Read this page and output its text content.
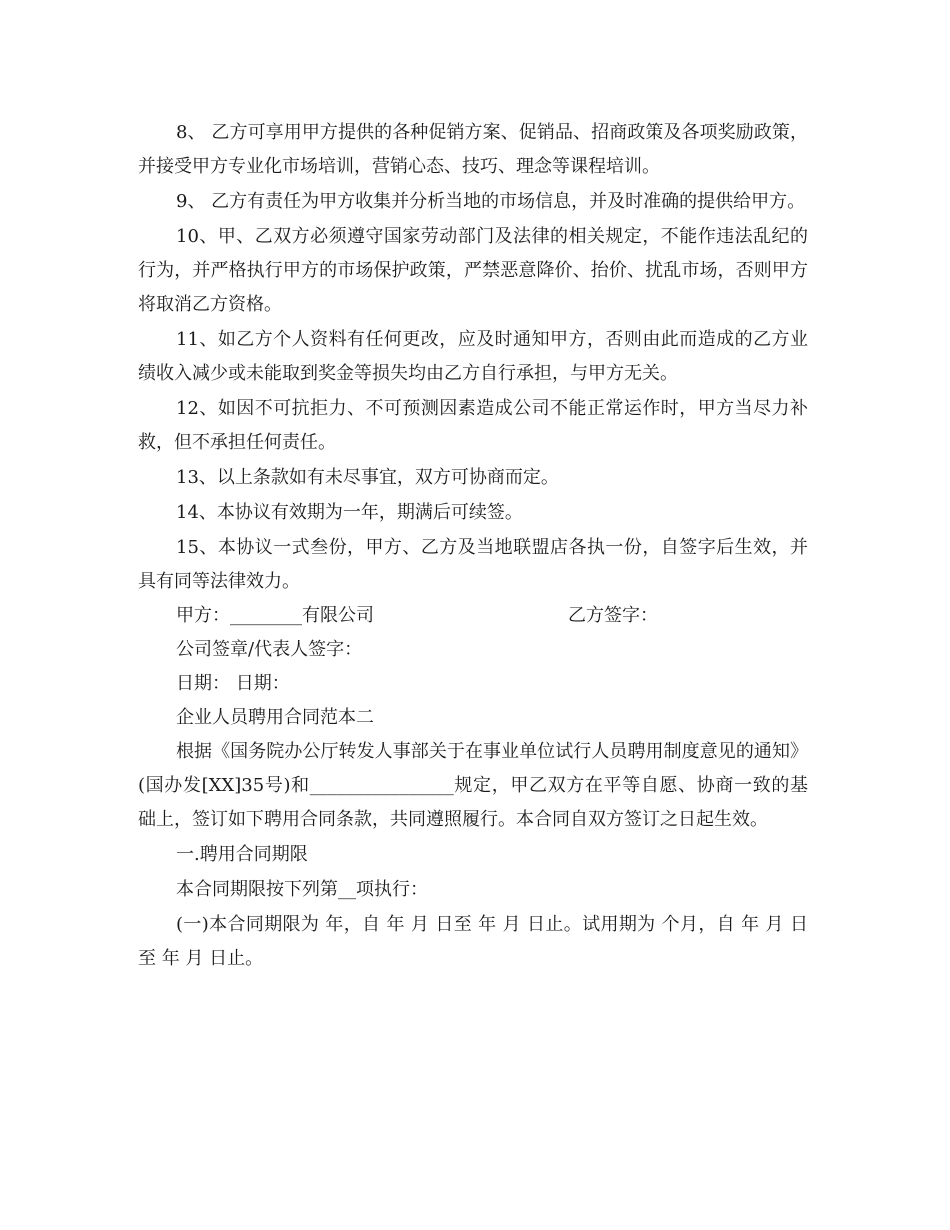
8、 乙方可享用甲方提供的各种促销方案、促销品、招商政策及各项奖励政策，并接受甲方专业化市场培训，营销心态、技巧、理念等课程培训。

9、 乙方有责任为甲方收集并分析当地的市场信息，并及时准确的提供给甲方。

10、甲、乙双方必须遵守国家劳动部门及法律的相关规定，不能作违法乱纪的行为，并严格执行甲方的市场保护政策，严禁恶意降价、抬价、扰乱市场，否则甲方将取消乙方资格。

11、如乙方个人资料有任何更改，应及时通知甲方，否则由此而造成的乙方业绩收入减少或未能取到奖金等损失均由乙方自行承担，与甲方无关。

12、如因不可抗拒力、不可预测因素造成公司不能正常运作时，甲方当尽力补救，但不承担任何责任。

13、以上条款如有未尽事宜，双方可协商而定。

14、本协议有效期为一年，期满后可续签。

15、本协议一式叁份，甲方、乙方及当地联盟店各执一份，自签字后生效，并具有同等法律效力。

甲方：________有限公司	乙方签字：
公司签章/代表人签字：
日期： 日期：

企业人员聘用合同范本二

根据《国务院办公厅转发人事部关于在事业单位试行人员聘用制度意见的通知》(国办发[XX]35号)和________________规定，甲乙双方在平等自愿、协商一致的基础上，签订如下聘用合同条款，共同遵照履行。本合同自双方签订之日起生效。

一.聘用合同期限

本合同期限按下列第__项执行：

(一)本合同期限为 年，自 年 月 日至 年 月 日止。试用期为 个月，自 年 月 日至 年 月 日止。
